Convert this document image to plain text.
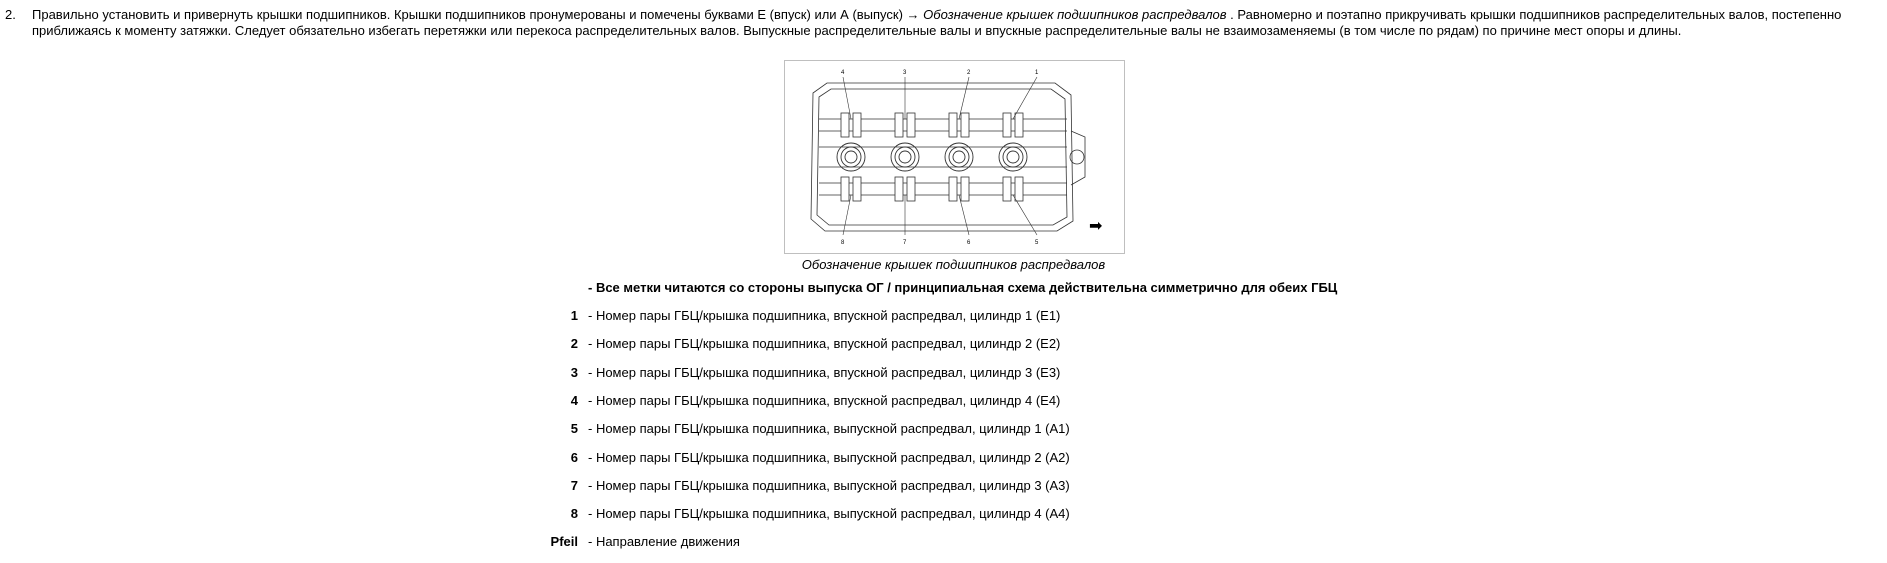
2. Правильно установить и привернуть крышки подшипников. Крышки подшипников пронумерованы и помечены буквами Е (впуск) или А (выпуск) → Обозначение крышек подшипников распредвалов . Равномерно и поэтапно прикручивать крышки подшипников распределительных валов, постепенно приближаясь к моменту затяжки. Следует обязательно избегать перетяжки или перекоса распределительных валов. Выпускные распределительные валы и впускные распределительные валы не взаимозаменяемы (в том числе по рядам) по причине мест опоры и длины.
4	3	2	1
8	7	6	5
➡
Обозначение крышек подшипников распредвалов
- Все метки читаются со стороны выпуска ОГ / принципиальная схема действительна симметрично для обеих ГБЦ
1 - Номер пары ГБЦ/крышка подшипника, впускной распредвал, цилиндр 1 (E1)
2 - Номер пары ГБЦ/крышка подшипника, впускной распредвал, цилиндр 2 (E2)
3 - Номер пары ГБЦ/крышка подшипника, впускной распредвал, цилиндр 3 (E3)
4 - Номер пары ГБЦ/крышка подшипника, впускной распредвал, цилиндр 4 (E4)
5 - Номер пары ГБЦ/крышка подшипника, выпускной распредвал, цилиндр 1 (A1)
6 - Номер пары ГБЦ/крышка подшипника, выпускной распредвал, цилиндр 2 (A2)
7 - Номер пары ГБЦ/крышка подшипника, выпускной распредвал, цилиндр 3 (A3)
8 - Номер пары ГБЦ/крышка подшипника, выпускной распредвал, цилиндр 4 (A4)
Pfeil - Направление движения
